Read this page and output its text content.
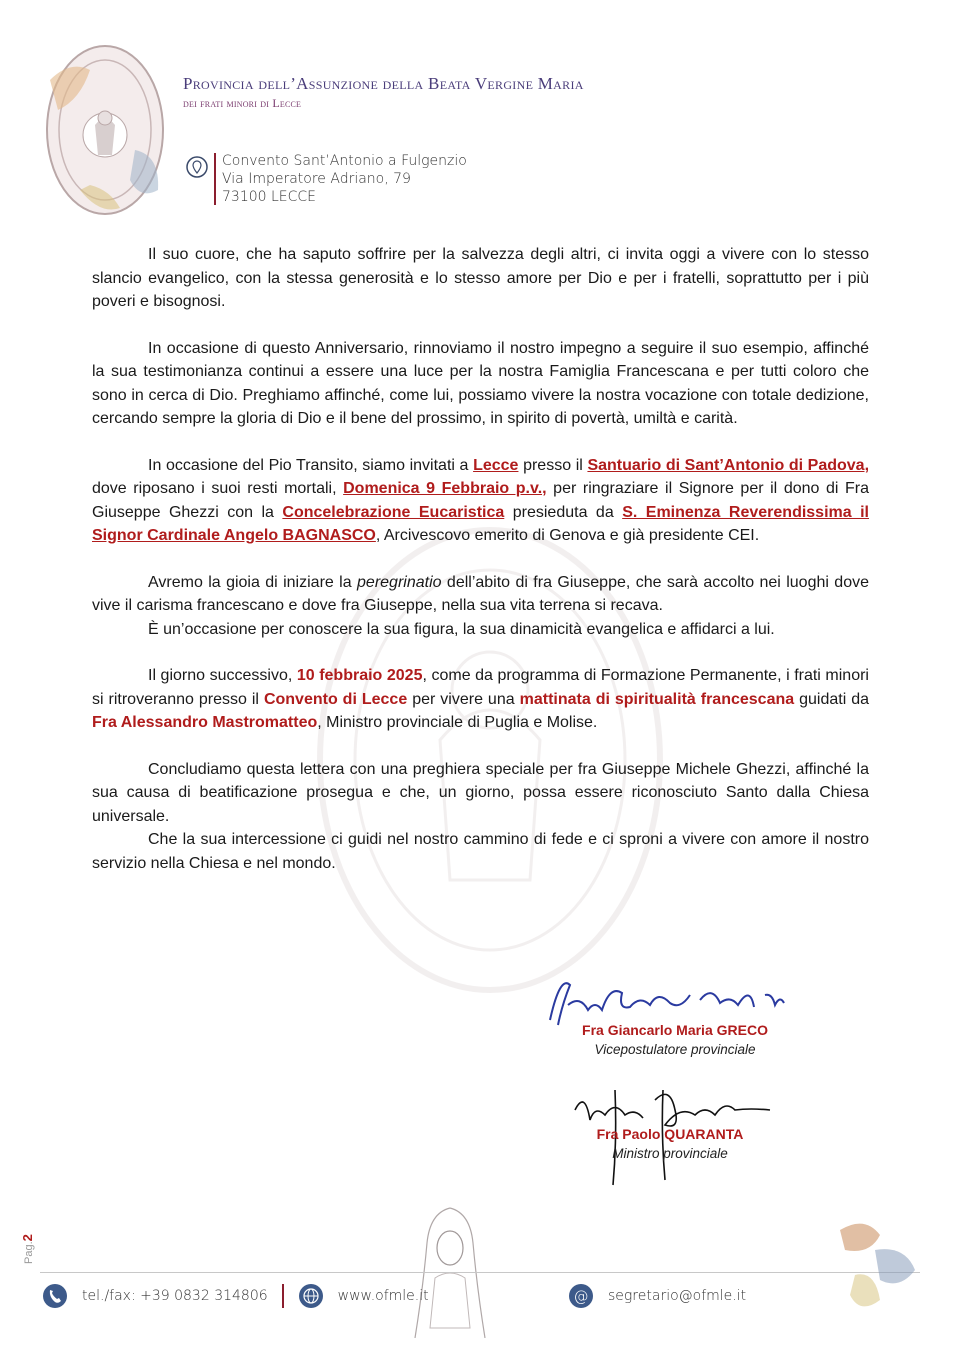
Provincia dell’Assunzione della Beata Vergine Maria
dei frati minori di Lecce
Convento Sant’Antonio a Fulgenzio
Via Imperatore Adriano, 79
73100 LECCE

Il suo cuore, che ha saputo soffrire per la salvezza degli altri, ci invita oggi a vivere con lo stesso slancio evangelico, con la stessa generosità e lo stesso amore per Dio e per i fratelli, soprattutto per i più poveri e bisognosi.

In occasione di questo Anniversario, rinnoviamo il nostro impegno a seguire il suo esempio, affinché la sua testimonianza continui a essere una luce per la nostra Famiglia Francescana e per tutti coloro che sono in cerca di Dio. Preghiamo affinché, come lui, possiamo vivere la nostra vocazione con totale dedizione, cercando sempre la gloria di Dio e il bene del prossimo, in spirito di povertà, umiltà e carità.

In occasione del Pio Transito, siamo invitati a Lecce presso il Santuario di Sant’Antonio di Padova, dove riposano i suoi resti mortali, Domenica 9 Febbraio p.v., per ringraziare il Signore per il dono di Fra Giuseppe Ghezzi con la Concelebrazione Eucaristica presieduta da S. Eminenza Reverendissima il Signor Cardinale Angelo BAGNASCO, Arcivescovo emerito di Genova e già presidente CEI.

Avremo la gioia di iniziare la peregrinatio dell’abito di fra Giuseppe, che sarà accolto nei luoghi dove vive il carisma francescano e dove fra Giuseppe, nella sua vita terrena si recava.

È un’occasione per conoscere la sua figura, la sua dinamicità evangelica e affidarci a lui.

Il giorno successivo, 10 febbraio 2025, come da programma di Formazione Permanente, i frati minori si ritroveranno presso il Convento di Lecce per vivere una mattinata di spiritualità francescana guidati da Fra Alessandro Mastromatteo, Ministro provinciale di Puglia e Molise.

Concludiamo questa lettera con una preghiera speciale per fra Giuseppe Michele Ghezzi, affinché la sua causa di beatificazione prosegua e che, un giorno, possa essere riconosciuto Santo dalla Chiesa universale.

Che la sua intercessione ci guidi nel nostro cammino di fede e ci sproni a vivere con amore il nostro servizio nella Chiesa e nel mondo.

Fra Giancarlo Maria GRECO
Vicepostulatore provinciale
Fra Paolo QUARANTA
Ministro provinciale
Pag.2
tel./fax: +39 0832 314806	www.ofmle.it	@ segretario@ofmle.it
